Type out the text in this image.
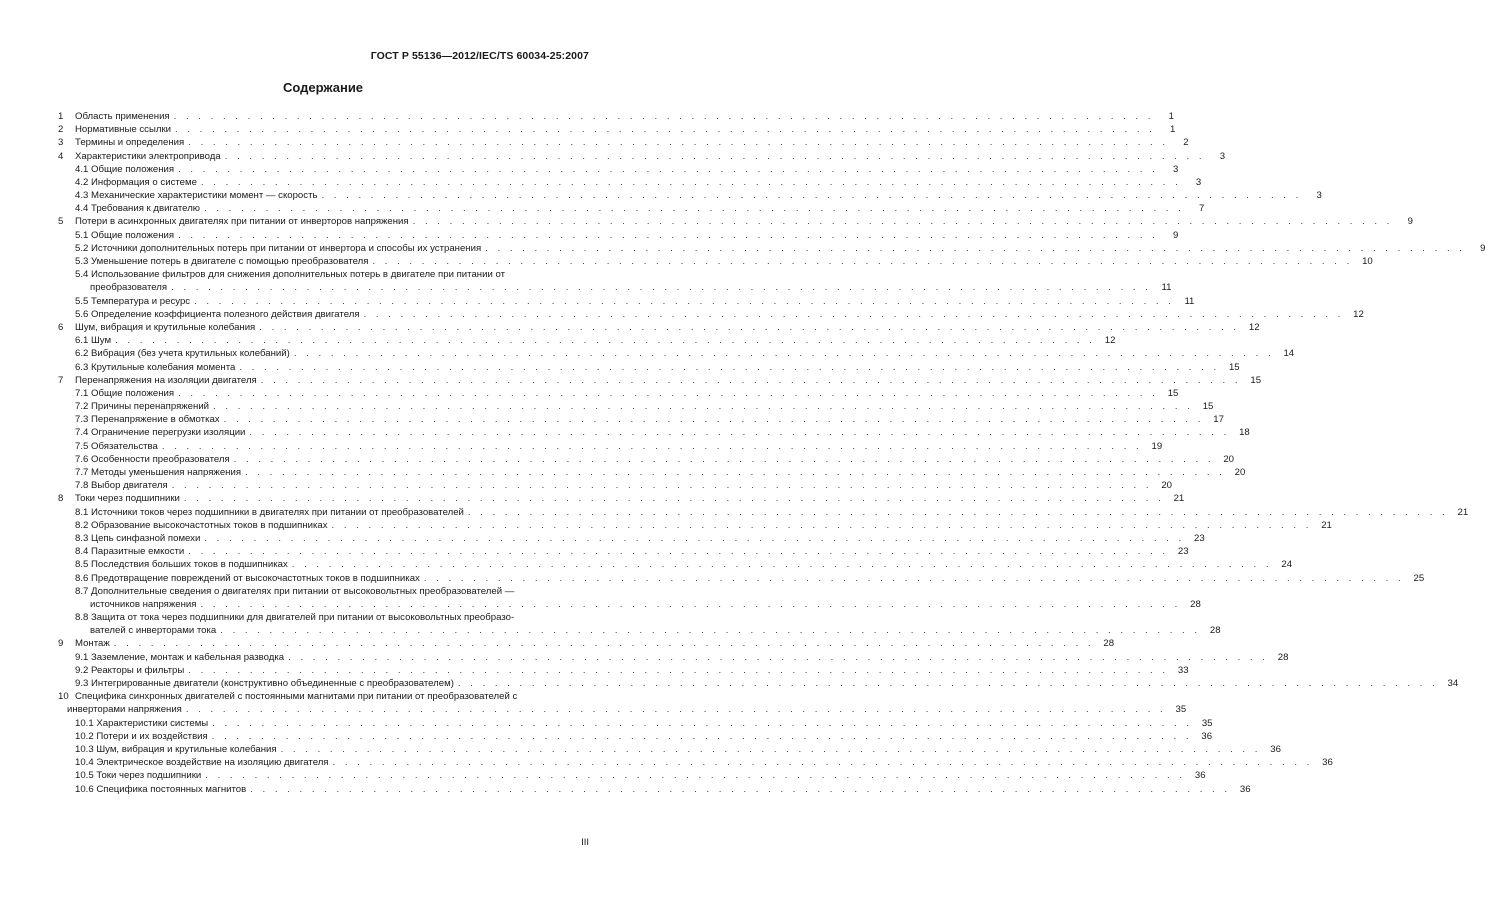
ГОСТ Р 55136—2012/IEC/TS 60034-25:2007
Содержание
1	Область применения . . . . . . . . . . . . . . . . . . . . . . . . . . . . . . . . . . . . . . . . . . . . . . . . . . . . . . . . . . . . . . . . . . . . . . . . . . . . . . . .	1
2	Нормативные ссылки . . . . . . . . . . . . . . . . . . . . . . . . . . . . . . . . . . . . . . . . . . . . . . . . . . . . . . . . . . . . . . . . . . . . . . . . . . . . . . . .	1
3	Термины и определения . . . . . . . . . . . . . . . . . . . . . . . . . . . . . . . . . . . . . . . . . . . . . . . . . . . . . . . . . . . . . . . . . . . . . . . . . . . . . . . .	2
4	Характеристики электропривода . . . . . . . . . . . . . . . . . . . . . . . . . . . . . . . . . . . . . . . . . . . . . . . . . . . . . . . . . . . . . . . . . . . . . . . . . . . . . . . .	3
4.1 Общие положения . . . . . . . . . . . . . . . . . . . . . . . . . . . . . . . . . . . . . . . . . . . . . . . . . . . . . . . . . . . . . . . . . . . . . . . . . . . . . . . .	3
4.2 Информация о системе . . . . . . . . . . . . . . . . . . . . . . . . . . . . . . . . . . . . . . . . . . . . . . . . . . . . . . . . . . . . . . . . . . . . . . . . . . . . . . . .	3
4.3 Механические характеристики момент — скорость . . . . . . . . . . . . . . . . . . . . . . . . . . . . . . . . . . . . . . . . . . . . . . . . . . . . . . . . . . . . . . . . . . . . . . . . . . . . . . . .	3
4.4 Требования к двигателю . . . . . . . . . . . . . . . . . . . . . . . . . . . . . . . . . . . . . . . . . . . . . . . . . . . . . . . . . . . . . . . . . . . . . . . . . . . . . . . .	7
5	Потери в асинхронных двигателях при питании от инверторов напряжения . . . . . . . . . . . . . . . . . . . . . . . . . . . . . . . . . . . . . . . . . . . . . . . . . . . . . . . . . . . . . . . . . . . . . . . . . . . . . . . .	9
5.1 Общие положения . . . . . . . . . . . . . . . . . . . . . . . . . . . . . . . . . . . . . . . . . . . . . . . . . . . . . . . . . . . . . . . . . . . . . . . . . . . . . . . .	9
5.2 Источники дополнительных потерь при питании от инвертора и способы их устранения . . . . . . . . . . . . . . . . . . . . . . . . . . . . . . . . . . . . . . . . . . . . . . . . . . . . . . . . . . . . . . . . . . . . . . . . . . . . . . . .	9
5.3 Уменьшение потерь в двигателе с помощью преобразователя . . . . . . . . . . . . . . . . . . . . . . . . . . . . . . . . . . . . . . . . . . . . . . . . . . . . . . . . . . . . . . . . . . . . . . . . . . . . . . . . 10
5.4 Использование фильтров для снижения дополнительных потерь в двигателе при питании от
преобразователя . . . . . . . . . . . . . . . . . . . . . . . . . . . . . . . . . . . . . . . . . . . . . . . . . . . . . . . . . . . . . . . . . . . . . . . . . . . . . . . .	11
5.5 Температура и ресурс . . . . . . . . . . . . . . . . . . . . . . . . . . . . . . . . . . . . . . . . . . . . . . . . . . . . . . . . . . . . . . . . . . . . . . . . . . . . . . . .	11
5.6 Определение коэффициента полезного действия двигателя . . . . . . . . . . . . . . . . . . . . . . . . . . . . . . . . . . . . . . . . . . . . . . . . . . . . . . . . . . . . . . . . . . . . . . . . . . . . . . . . 12
6	Шум, вибрация и крутильные колебания . . . . . . . . . . . . . . . . . . . . . . . . . . . . . . . . . . . . . . . . . . . . . . . . . . . . . . . . . . . . . . . . . . . . . . . . . . . . . . . . 12
6.1 Шум . . . . . . . . . . . . . . . . . . . . . . . . . . . . . . . . . . . . . . . . . . . . . . . . . . . . . . . . . . . . . . . . . . . . . . . . . . . . . . . . 12
6.2 Вибрация (без учета крутильных колебаний) . . . . . . . . . . . . . . . . . . . . . . . . . . . . . . . . . . . . . . . . . . . . . . . . . . . . . . . . . . . . . . . . . . . . . . . . . . . . . . . . 14
6.3 Крутильные колебания момента . . . . . . . . . . . . . . . . . . . . . . . . . . . . . . . . . . . . . . . . . . . . . . . . . . . . . . . . . . . . . . . . . . . . . . . . . . . . . . . . 15
7	Перенапряжения на изоляции двигателя . . . . . . . . . . . . . . . . . . . . . . . . . . . . . . . . . . . . . . . . . . . . . . . . . . . . . . . . . . . . . . . . . . . . . . . . . . . . . . . . 15
7.1 Общие положения . . . . . . . . . . . . . . . . . . . . . . . . . . . . . . . . . . . . . . . . . . . . . . . . . . . . . . . . . . . . . . . . . . . . . . . . . . . . . . . . 15
7.2 Причины перенапряжений . . . . . . . . . . . . . . . . . . . . . . . . . . . . . . . . . . . . . . . . . . . . . . . . . . . . . . . . . . . . . . . . . . . . . . . . . . . . . . . . 15
7.3 Перенапряжение в обмотках . . . . . . . . . . . . . . . . . . . . . . . . . . . . . . . . . . . . . . . . . . . . . . . . . . . . . . . . . . . . . . . . . . . . . . . . . . . . . . . . 17
7.4 Ограничение перегрузки изоляции . . . . . . . . . . . . . . . . . . . . . . . . . . . . . . . . . . . . . . . . . . . . . . . . . . . . . . . . . . . . . . . . . . . . . . . . . . . . . . . . 18
7.5 Обязательства . . . . . . . . . . . . . . . . . . . . . . . . . . . . . . . . . . . . . . . . . . . . . . . . . . . . . . . . . . . . . . . . . . . . . . . . . . . . . . . . 19
7.6 Особенности преобразователя . . . . . . . . . . . . . . . . . . . . . . . . . . . . . . . . . . . . . . . . . . . . . . . . . . . . . . . . . . . . . . . . . . . . . . . . . . . . . . . . 20
7.7 Методы уменьшения напряжения . . . . . . . . . . . . . . . . . . . . . . . . . . . . . . . . . . . . . . . . . . . . . . . . . . . . . . . . . . . . . . . . . . . . . . . . . . . . . . . . 20
7.8 Выбор двигателя . . . . . . . . . . . . . . . . . . . . . . . . . . . . . . . . . . . . . . . . . . . . . . . . . . . . . . . . . . . . . . . . . . . . . . . . . . . . . . . . 20
8	Токи через подшипники . . . . . . . . . . . . . . . . . . . . . . . . . . . . . . . . . . . . . . . . . . . . . . . . . . . . . . . . . . . . . . . . . . . . . . . . . . . . . . . . 21
8.1 Источники токов через подшипники в двигателях при питании от преобразователей . . . . . . . . . . . . . . . . . . . . . . . . . . . . . . . . . . . . . . . . . . . . . . . . . . . . . . . . . . . . . . . . . . . . . . . . . . . . . . . . 21
8.2 Образование высокочастотных токов в подшипниках . . . . . . . . . . . . . . . . . . . . . . . . . . . . . . . . . . . . . . . . . . . . . . . . . . . . . . . . . . . . . . . . . . . . . . . . . . . . . . . . 21
8.3 Цепь синфазной помехи . . . . . . . . . . . . . . . . . . . . . . . . . . . . . . . . . . . . . . . . . . . . . . . . . . . . . . . . . . . . . . . . . . . . . . . . . . . . . . . . 23
8.4 Паразитные емкости . . . . . . . . . . . . . . . . . . . . . . . . . . . . . . . . . . . . . . . . . . . . . . . . . . . . . . . . . . . . . . . . . . . . . . . . . . . . . . . . 23
8.5 Последствия больших токов в подшипниках . . . . . . . . . . . . . . . . . . . . . . . . . . . . . . . . . . . . . . . . . . . . . . . . . . . . . . . . . . . . . . . . . . . . . . . . . . . . . . . . 24
8.6 Предотвращение повреждений от высокочастотных токов в подшипниках . . . . . . . . . . . . . . . . . . . . . . . . . . . . . . . . . . . . . . . . . . . . . . . . . . . . . . . . . . . . . . . . . . . . . . . . . . . . . . . . 25
8.7 Дополнительные сведения о двигателях при питании от высоковольтных преобразователей —
источников напряжения . . . . . . . . . . . . . . . . . . . . . . . . . . . . . . . . . . . . . . . . . . . . . . . . . . . . . . . . . . . . . . . . . . . . . . . . . . . . . . . . 28
8.8 Защита от тока через подшипники для двигателей при питании от высоковольтных преобразо-
вателей с инверторами тока . . . . . . . . . . . . . . . . . . . . . . . . . . . . . . . . . . . . . . . . . . . . . . . . . . . . . . . . . . . . . . . . . . . . . . . . . . . . . . . . 28
9	Монтаж . . . . . . . . . . . . . . . . . . . . . . . . . . . . . . . . . . . . . . . . . . . . . . . . . . . . . . . . . . . . . . . . . . . . . . . . . . . . . . . . 28
9.1 Заземление, монтаж и кабельная разводка . . . . . . . . . . . . . . . . . . . . . . . . . . . . . . . . . . . . . . . . . . . . . . . . . . . . . . . . . . . . . . . . . . . . . . . . . . . . . . . . 28
9.2 Реакторы и фильтры . . . . . . . . . . . . . . . . . . . . . . . . . . . . . . . . . . . . . . . . . . . . . . . . . . . . . . . . . . . . . . . . . . . . . . . . . . . . . . . . 33
9.3 Интегрированные двигатели (конструктивно объединенные с преобразователем) . . . . . . . . . . . . . . . . . . . . . . . . . . . . . . . . . . . . . . . . . . . . . . . . . . . . . . . . . . . . . . . . . . . . . . . . . . . . . . . . 34
10 Специфика синхронных двигателей с постоянными магнитами при питании от преобразователей с
инверторами напряжения . . . . . . . . . . . . . . . . . . . . . . . . . . . . . . . . . . . . . . . . . . . . . . . . . . . . . . . . . . . . . . . . . . . . . . . . . . . . . . . . 35
10.1 Характеристики системы . . . . . . . . . . . . . . . . . . . . . . . . . . . . . . . . . . . . . . . . . . . . . . . . . . . . . . . . . . . . . . . . . . . . . . . . . . . . . . . . 35
10.2 Потери и их воздействия . . . . . . . . . . . . . . . . . . . . . . . . . . . . . . . . . . . . . . . . . . . . . . . . . . . . . . . . . . . . . . . . . . . . . . . . . . . . . . . . 36
10.3 Шум, вибрация и крутильные колебания . . . . . . . . . . . . . . . . . . . . . . . . . . . . . . . . . . . . . . . . . . . . . . . . . . . . . . . . . . . . . . . . . . . . . . . . . . . . . . . . 36
10.4 Электрическое воздействие на изоляцию двигателя . . . . . . . . . . . . . . . . . . . . . . . . . . . . . . . . . . . . . . . . . . . . . . . . . . . . . . . . . . . . . . . . . . . . . . . . . . . . . . . . 36
10.5 Токи через подшипники . . . . . . . . . . . . . . . . . . . . . . . . . . . . . . . . . . . . . . . . . . . . . . . . . . . . . . . . . . . . . . . . . . . . . . . . . . . . . . . . 36
10.6 Специфика постоянных магнитов . . . . . . . . . . . . . . . . . . . . . . . . . . . . . . . . . . . . . . . . . . . . . . . . . . . . . . . . . . . . . . . . . . . . . . . . . . . . . . . . 36
III
